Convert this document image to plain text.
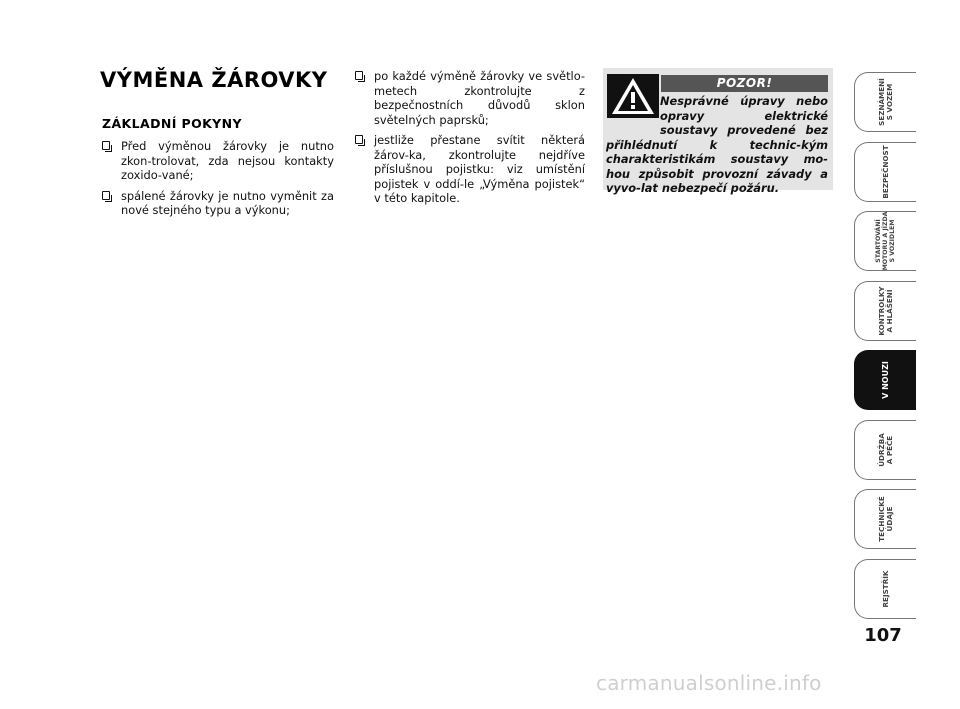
VÝMĚNA ŽÁROVKY
ZÁKLADNÍ POKYNY
Před výměnou žárovky je nutno zkon-trolovat, zda nejsou kontakty zoxido-vané;
spálené žárovky je nutno vyměnit za nové stejného typu a výkonu;
po každé výměně žárovky ve světlo-metech zkontrolujte z bezpečnostních důvodů sklon světelných paprsků;
jestliže přestane svítit některá žárov-ka, zkontrolujte nejdříve příslušnou pojistku: viz umístění pojistek v oddí-le „Výměna pojistek“ v této kapitole.
POZOR!

Nesprávné úpravy nebo opravy elektrické soustavy provedené bez přihlédnutí k technic-kým charakteristikám soustavy mo-hou způsobit provozní závady a vyvo-lat nebezpečí požáru.

SEZNÁMENÍ
S VOZEM
BEZPEČNOST
STARTOVÁNÍ
MOTORU A JÍZDA
S VOZIDLEM
KONTROLKY
A HLÁŠENÍ
V NOUZI
ÚDRŽBA
A PÉČE
TECHNICKÉ
ÚDAJE
REJSTŘÍK
107
carmanualsonline.info
